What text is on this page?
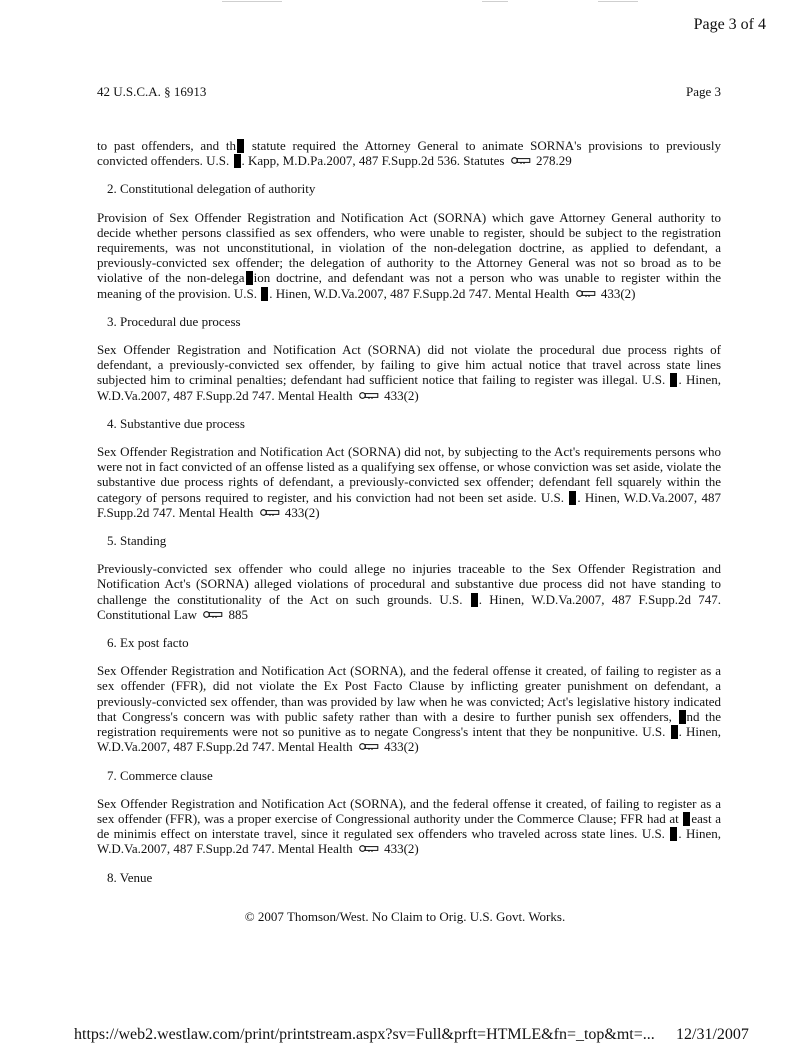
Page 3 of 4
42 U.S.C.A. § 16913	Page 3

to past offenders, and th statute required the Attorney General to animate SORNA's provisions to previously convicted offenders. U.S. . Kapp, M.D.Pa.2007, 487 F.Supp.2d 536. Statutes  278.29

2. Constitutional delegation of authority

Provision of Sex Offender Registration and Notification Act (SORNA) which gave Attorney General authority to decide whether persons classified as sex offenders, who were unable to register, should be subject to the registration requirements, was not unconstitutional, in violation of the non-delegation doctrine, as applied to defendant, a previously-convicted sex offender; the delegation of authority to the Attorney General was not so broad as to be violative of the non-delega ion doctrine, and defendant was not a person who was unable to register within the meaning of the provision. U.S. . Hinen, W.D.Va.2007, 487 F.Supp.2d 747. Mental Health  433(2)

3. Procedural due process

Sex Offender Registration and Notification Act (SORNA) did not violate the procedural due process rights of defendant, a previously-convicted sex offender, by failing to give him actual notice that travel across state lines subjected him to criminal penalties; defendant had sufficient notice that failing to register was illegal. U.S. . Hinen, W.D.Va.2007, 487 F.Supp.2d 747. Mental Health  433(2)

4. Substantive due process

Sex Offender Registration and Notification Act (SORNA) did not, by subjecting to the Act's requirements persons who were not in fact convicted of an offense listed as a qualifying sex offense, or whose conviction was set aside, violate the substantive due process rights of defendant, a previously-convicted sex offender; defendant fell squarely within the category of persons required to register, and his conviction had not been set aside. U.S. . Hinen, W.D.Va.2007, 487 F.Supp.2d 747. Mental Health  433(2)

5. Standing

Previously-convicted sex offender who could allege no injuries traceable to the Sex Offender Registration and Notification Act's (SORNA) alleged violations of procedural and substantive due process did not have standing to challenge the constitutionality of the Act on such grounds. U.S. . Hinen, W.D.Va.2007, 487 F.Supp.2d 747. Constitutional Law  885

6. Ex post facto

Sex Offender Registration and Notification Act (SORNA), and the federal offense it created, of failing to register as a sex offender (FFR), did not violate the Ex Post Facto Clause by inflicting greater punishment on defendant, a previously-convicted sex offender, than was provided by law when he was convicted; Act's legislative history indicated that Congress's concern was with public safety rather than with a desire to further punish sex offenders, nd the registration requirements were not so punitive as to negate Congress's intent that they be nonpunitive. U.S. . Hinen, W.D.Va.2007, 487 F.Supp.2d 747. Mental Health  433(2)

7. Commerce clause

Sex Offender Registration and Notification Act (SORNA), and the federal offense it created, of failing to register as a sex offender (FFR), was a proper exercise of Congressional authority under the Commerce Clause; FFR had at east a de minimis effect on interstate travel, since it regulated sex offenders who traveled across state lines. U.S. . Hinen, W.D.Va.2007, 487 F.Supp.2d 747. Mental Health  433(2)

8. Venue

© 2007 Thomson/West. No Claim to Orig. U.S. Govt. Works.
https://web2.westlaw.com/print/printstream.aspx?sv=Full&prft=HTMLE&fn=_top&mt=... 12/31/2007
